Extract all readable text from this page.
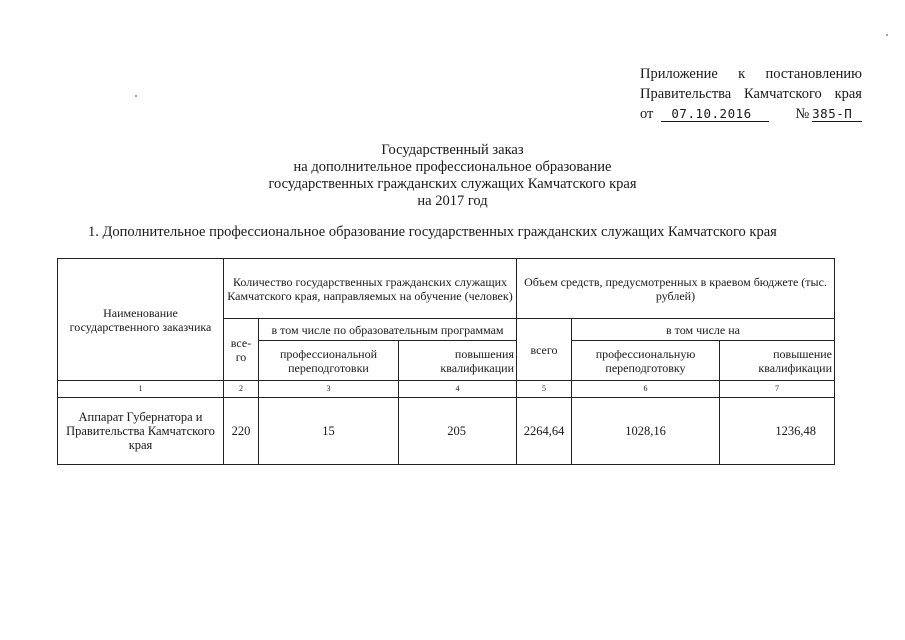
Приложение к постановлению
Правительства Камчатского края
от	07.10.2016	№ 385-П
Государственный заказ
на дополнительное профессиональное образование
государственных гражданских служащих Камчатского края
на 2017 год
1. Дополнительное профессиональное образование государственных гражданских служащих Камчатского края
Наименование государственного заказчика	Количество государственных гражданских служащих Камчатского края, направляемых на обучение (человек)			Объем средств, предусмотренных в краевом бюджете (тыс. рублей)		
	все-го	в том числе по образовательным программам		всего	в том числе на	
		профессиональной переподготовки	повышения квалификации		профессиональную переподготовку	повышение квалификации
1	2	3	4	5	6	7
Аппарат Губернатора и Правительства Камчатского края	220	15	205	2264,64	1028,16	1236,48
